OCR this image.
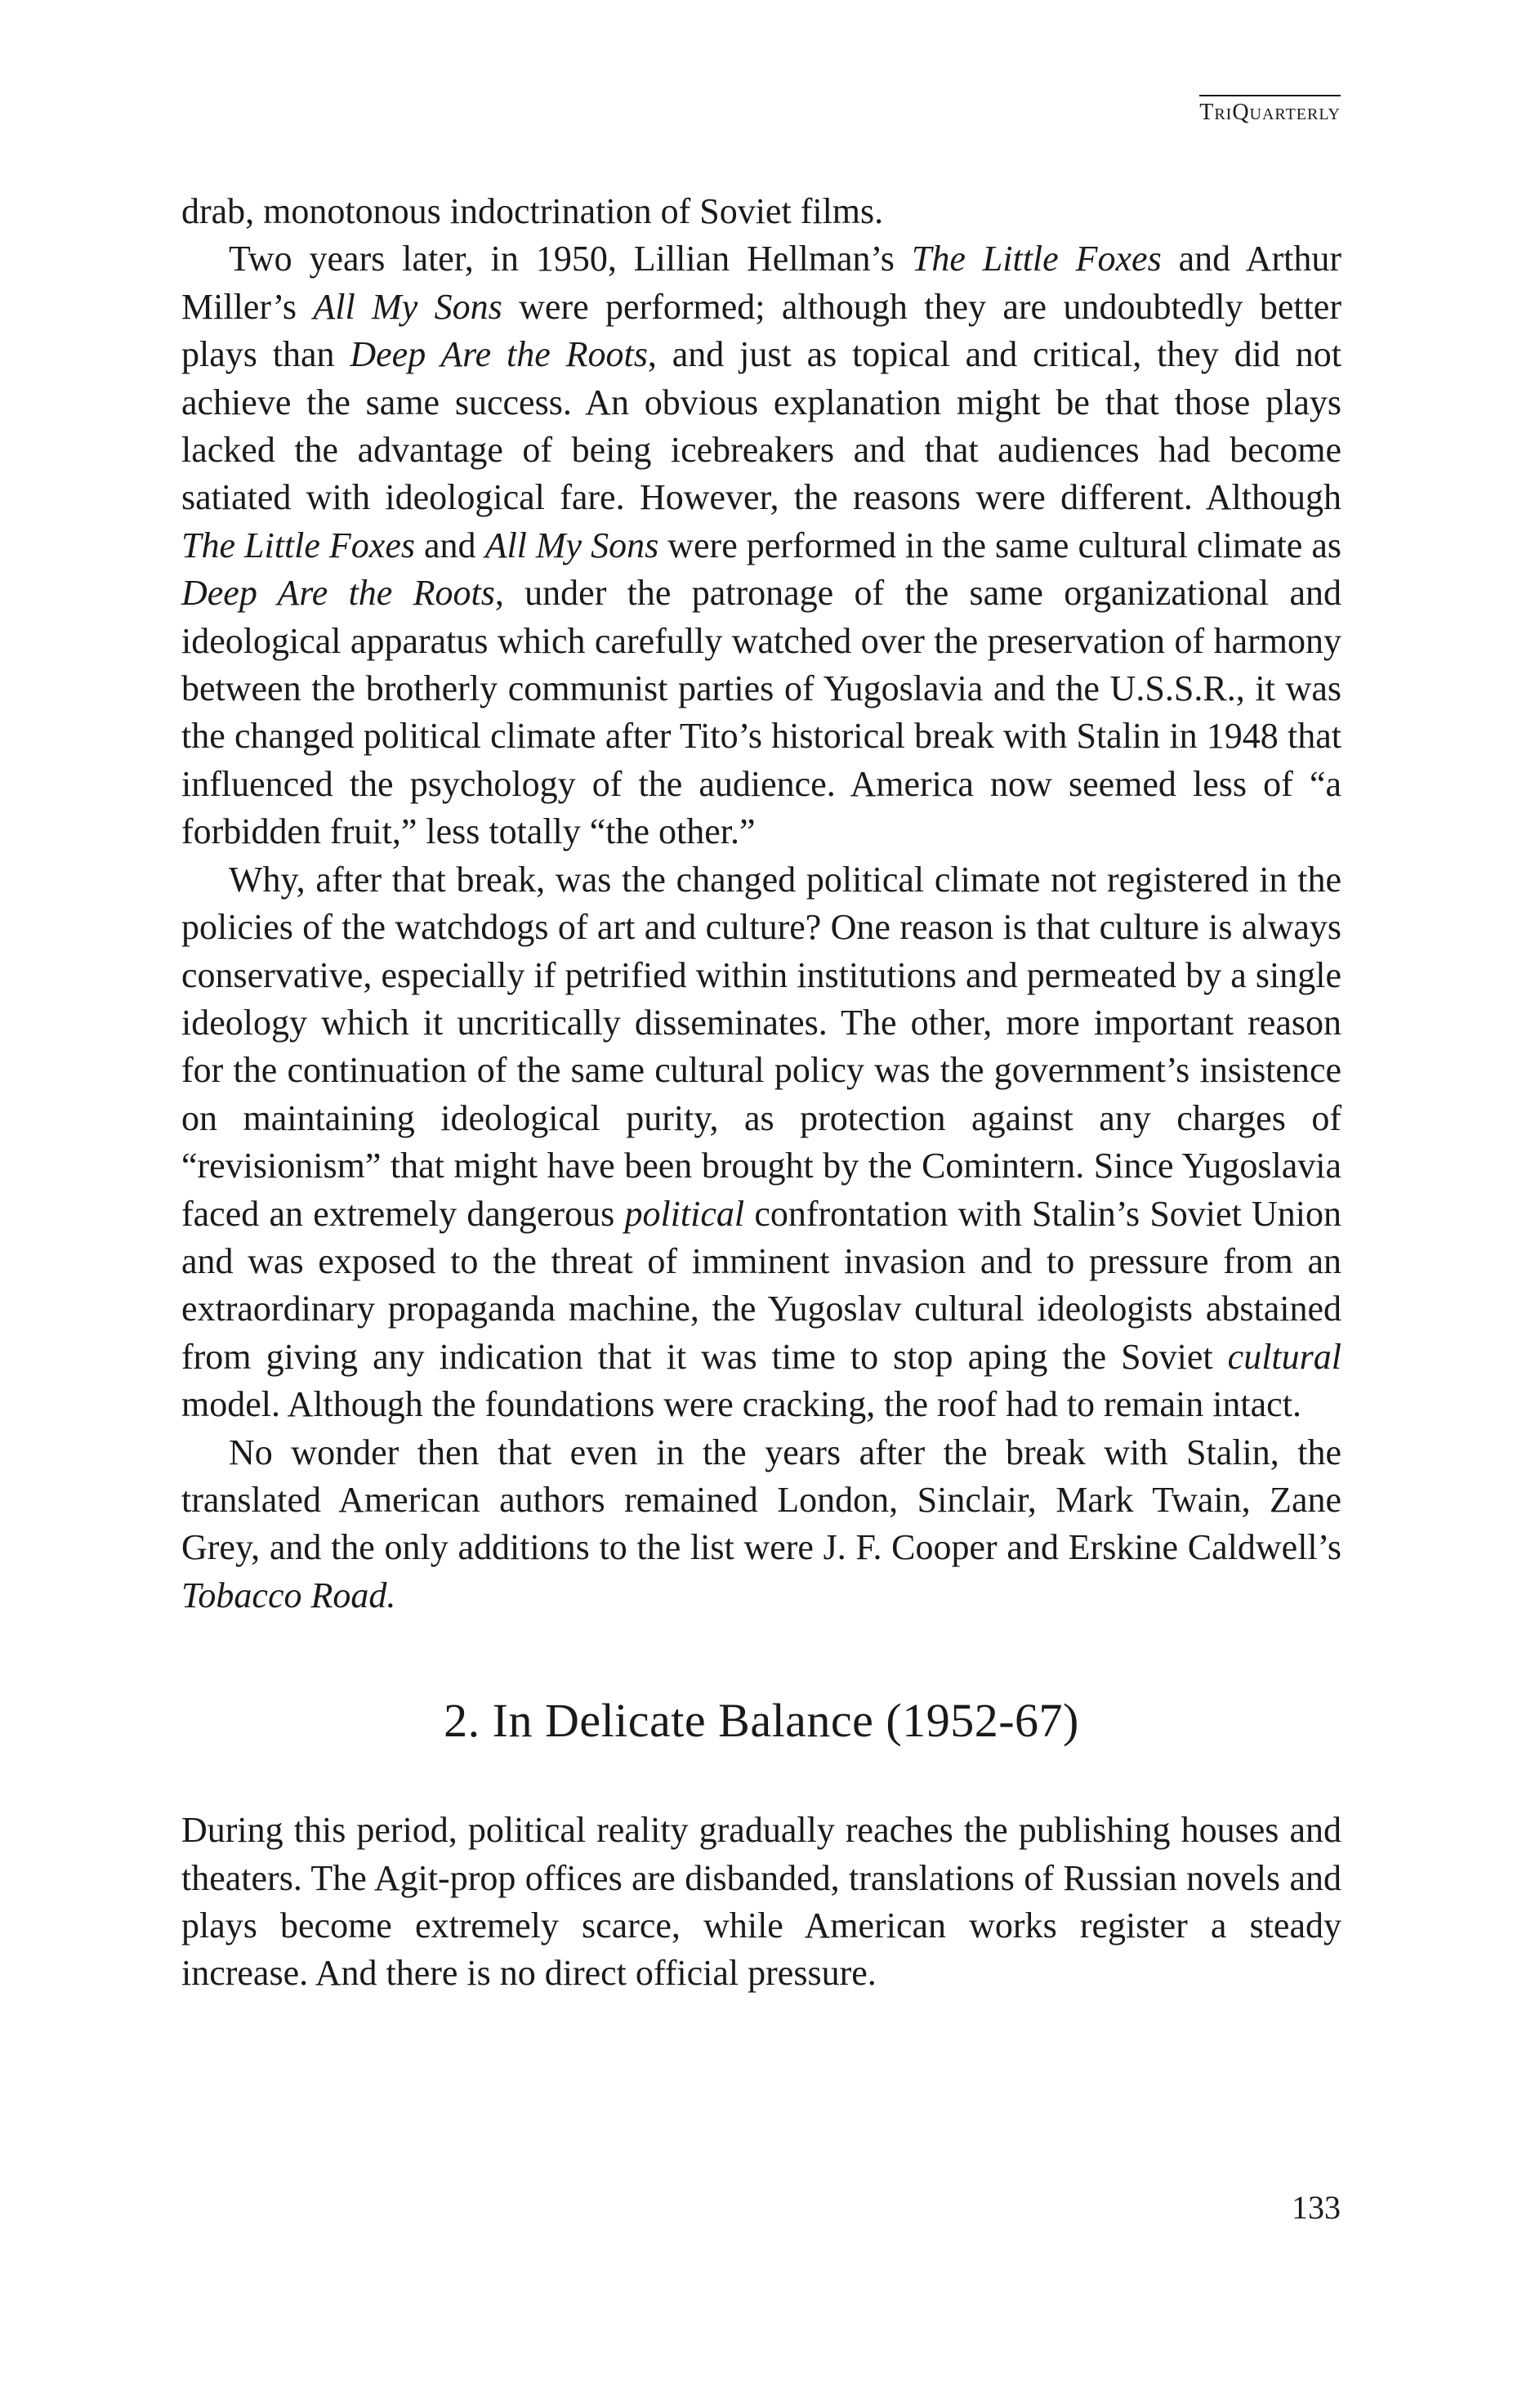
TriQuarterly

drab, monotonous indoctrination of Soviet films.

Two years later, in 1950, Lillian Hellman’s The Little Foxes and Arthur Miller’s All My Sons were performed; although they are undoubtedly better plays than Deep Are the Roots, and just as topical and critical, they did not achieve the same success. An obvious explanation might be that those plays lacked the advantage of being icebreakers and that audiences had become satiated with ideological fare. However, the reasons were different. Although The Little Foxes and All My Sons were performed in the same cultural climate as Deep Are the Roots, under the patronage of the same organizational and ideological apparatus which carefully watched over the preservation of harmony between the brotherly communist parties of Yugoslavia and the U.S.S.R., it was the changed political climate after Tito’s historical break with Stalin in 1948 that influenced the psychology of the audience. America now seemed less of “a forbidden fruit,” less totally “the other.”

Why, after that break, was the changed political climate not registered in the policies of the watchdogs of art and culture? One reason is that culture is always conservative, especially if petrified within institutions and permeated by a single ideology which it uncritically disseminates. The other, more important reason for the continuation of the same cultural policy was the government’s insistence on maintaining ideological purity, as protection against any charges of “revisionism” that might have been brought by the Comintern. Since Yugoslavia faced an extremely dangerous political confrontation with Stalin’s Soviet Union and was exposed to the threat of imminent invasion and to pressure from an extraordinary propaganda machine, the Yugoslav cultural ideologists abstained from giving any indication that it was time to stop aping the Soviet cultural model. Although the foundations were cracking, the roof had to remain intact.

No wonder then that even in the years after the break with Stalin, the translated American authors remained London, Sinclair, Mark Twain, Zane Grey, and the only additions to the list were J. F. Cooper and Erskine Caldwell’s Tobacco Road.

2. In Delicate Balance (1952-67)

During this period, political reality gradually reaches the publishing houses and theaters. The Agit-prop offices are disbanded, translations of Russian novels and plays become extremely scarce, while American works register a steady increase. And there is no direct official pressure.

133
